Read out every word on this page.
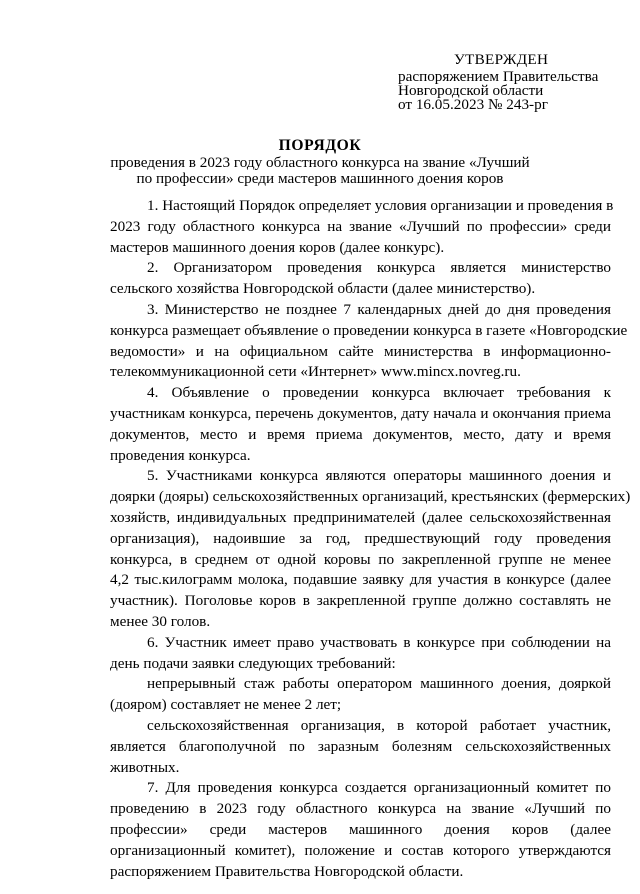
УТВЕРЖДЕН
распоряжением Правительства
Новгородской области
от 16.05.2023 № 243-рг
ПОРЯДОК
проведения в 2023 году областного конкурса на звание «Лучший
по профессии» среди мастеров машинного доения коров
1. Настоящий Порядок определяет условия организации и проведения в
2023 году областного конкурса на звание «Лучший по профессии» среди
мастеров машинного доения коров (далее конкурс).
2. Организатором проведения конкурса является министерство
сельского хозяйства Новгородской области (далее министерство).
3. Министерство не позднее 7 календарных дней до дня проведения
конкурса размещает объявление о проведении конкурса в газете «Новгородские
ведомости» и на официальном сайте министерства в информационно-
телекоммуникационной сети «Интернет» www.mincx.novreg.ru.
4. Объявление о проведении конкурса включает требования к
участникам конкурса, перечень документов, дату начала и окончания приема
документов, место и время приема документов, место, дату и время
проведения конкурса.
5. Участниками конкурса являются операторы машинного доения и
доярки (дояры) сельскохозяйственных организаций, крестьянских (фермерских)
хозяйств, индивидуальных предпринимателей (далее сельскохозяйственная
организация), надоившие за год, предшествующий году проведения
конкурса, в среднем от одной коровы по закрепленной группе не менее
4,2 тыс.килограмм молока, подавшие заявку для участия в конкурсе (далее
участник). Поголовье коров в закрепленной группе должно составлять не
менее 30 голов.
6. Участник имеет право участвовать в конкурсе при соблюдении на
день подачи заявки следующих требований:
непрерывный стаж работы оператором машинного доения, дояркой
(дояром) составляет не менее 2 лет;
сельскохозяйственная организация, в которой работает участник,
является благополучной по заразным болезням сельскохозяйственных
животных.
7. Для проведения конкурса создается организационный комитет по
проведению в 2023 году областного конкурса на звание «Лучший по
профессии» среди мастеров машинного доения коров (далее
организационный комитет), положение и состав которого утверждаются
распоряжением Правительства Новгородской области.
